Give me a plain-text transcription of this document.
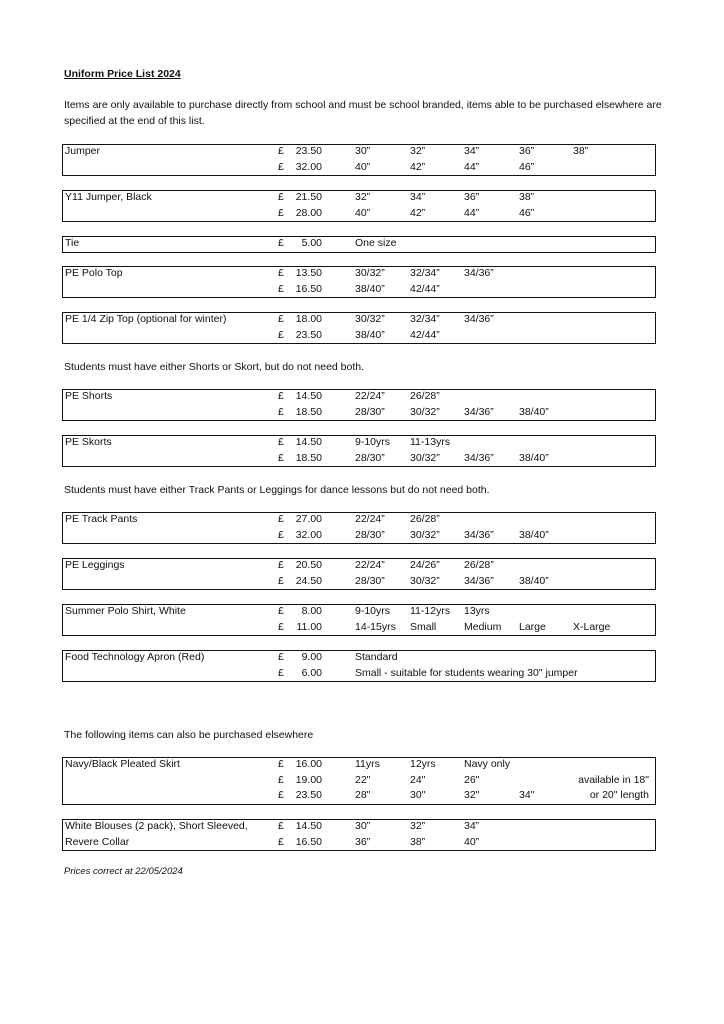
Uniform Price List 2024
Items are only available to purchase directly from school and must be school branded, items able to be purchased elsewhere are specified at the end of this list.
Jumper	£	23.50	30”	32”	34”	36”	38”
£	32.00	40”	42”	44”	46”
Y11 Jumper, Black	£	21.50	32”	34”	36”	38”
£	28.00	40”	42”	44”	46”
Tie	£	5.00	One size
PE Polo Top	£	13.50	30/32” 32/34” 34/36”
£	16.50	38/40” 42/44”
PE 1/4 Zip Top (optional for winter)	£	18.00	30/32” 32/34” 34/36”
£	23.50	38/40” 42/44”
PE Shorts	£	14.50	22/24” 26/28”
£	18.50	28/30” 30/32” 34/36” 38/40”
PE Skorts	£	14.50	9-10yrs 11-13yrs
£	18.50	28/30” 30/32” 34/36” 38/40”
PE Track Pants	£	27.00	22/24” 26/28”
£	32.00	28/30” 30/32” 34/36” 38/40”
PE Leggings	£	20.50	22/24” 24/26” 26/28”
£	24.50	28/30” 30/32” 34/36” 38/40”
Summer Polo Shirt, White	£	8.00	9-10yrs 11-12yrs 13yrs
£	11.00	14-15yrs Small	Medium Large	X-Large
Food Technology Apron (Red)	£	9.00	Standard
£	6.00	Small - suitable for students wearing 30" jumper
Navy/Black Pleated Skirt	£	16.00	11yrs	12yrs	Navy only
£	19.00	22"	24"	26"	available in 18"
£	23.50	28"	30"	32"	34"	or 20" length
White Blouses (2 pack), Short Sleeved,	£	14.50	30”	32”	34”
Revere Collar	£	16.50	36”	38”	40”
Students must have either Shorts or Skort, but do not need both.
Students must have either Track Pants or Leggings for dance lessons but do not need both.
The following items can also be purchased elsewhere
Prices correct at 22/05/2024
